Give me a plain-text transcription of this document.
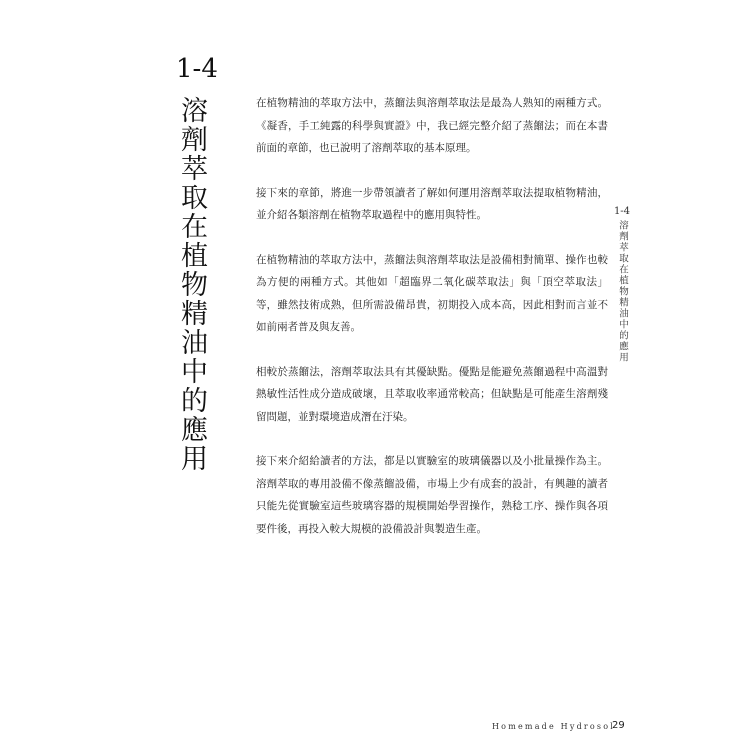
1-4
溶劑萃取在植物精油中的應用	在植物精油的萃取方法中，蒸餾法與溶劑萃取法是最為人熟知的兩種方式。《凝香，手工純露的科學與實證》中，我已經完整介紹了蒸餾法；而在本書前面的章節，也已說明了溶劑萃取的基本原理。

接下來的章節，將進一步帶領讀者了解如何運用溶劑萃取法提取植物精油，並介紹各類溶劑在植物萃取過程中的應用與特性。

在植物精油的萃取方法中，蒸餾法與溶劑萃取法是設備相對簡單、操作也較為方便的兩種方式。其他如「超臨界二氧化碳萃取法」與「頂空萃取法」等，雖然技術成熟，但所需設備昂貴，初期投入成本高，因此相對而言並不如前兩者普及與友善。

相較於蒸餾法，溶劑萃取法具有其優缺點。優點是能避免蒸餾過程中高溫對熱敏性活性成分造成破壞，且萃取收率通常較高；但缺點是可能產生溶劑殘留問題，並對環境造成潛在汙染。

接下來介紹給讀者的方法，都是以實驗室的玻璃儀器以及小批量操作為主。溶劑萃取的專用設備不像蒸餾設備，市場上少有成套的設計，有興趣的讀者只能先從實驗室這些玻璃容器的規模開始學習操作，熟稔工序、操作與各項要件後，再投入較大規模的設備設計與製造生產。

1-4
溶劑萃取在植物精油中的應用
Homemade Hydrosol
29
